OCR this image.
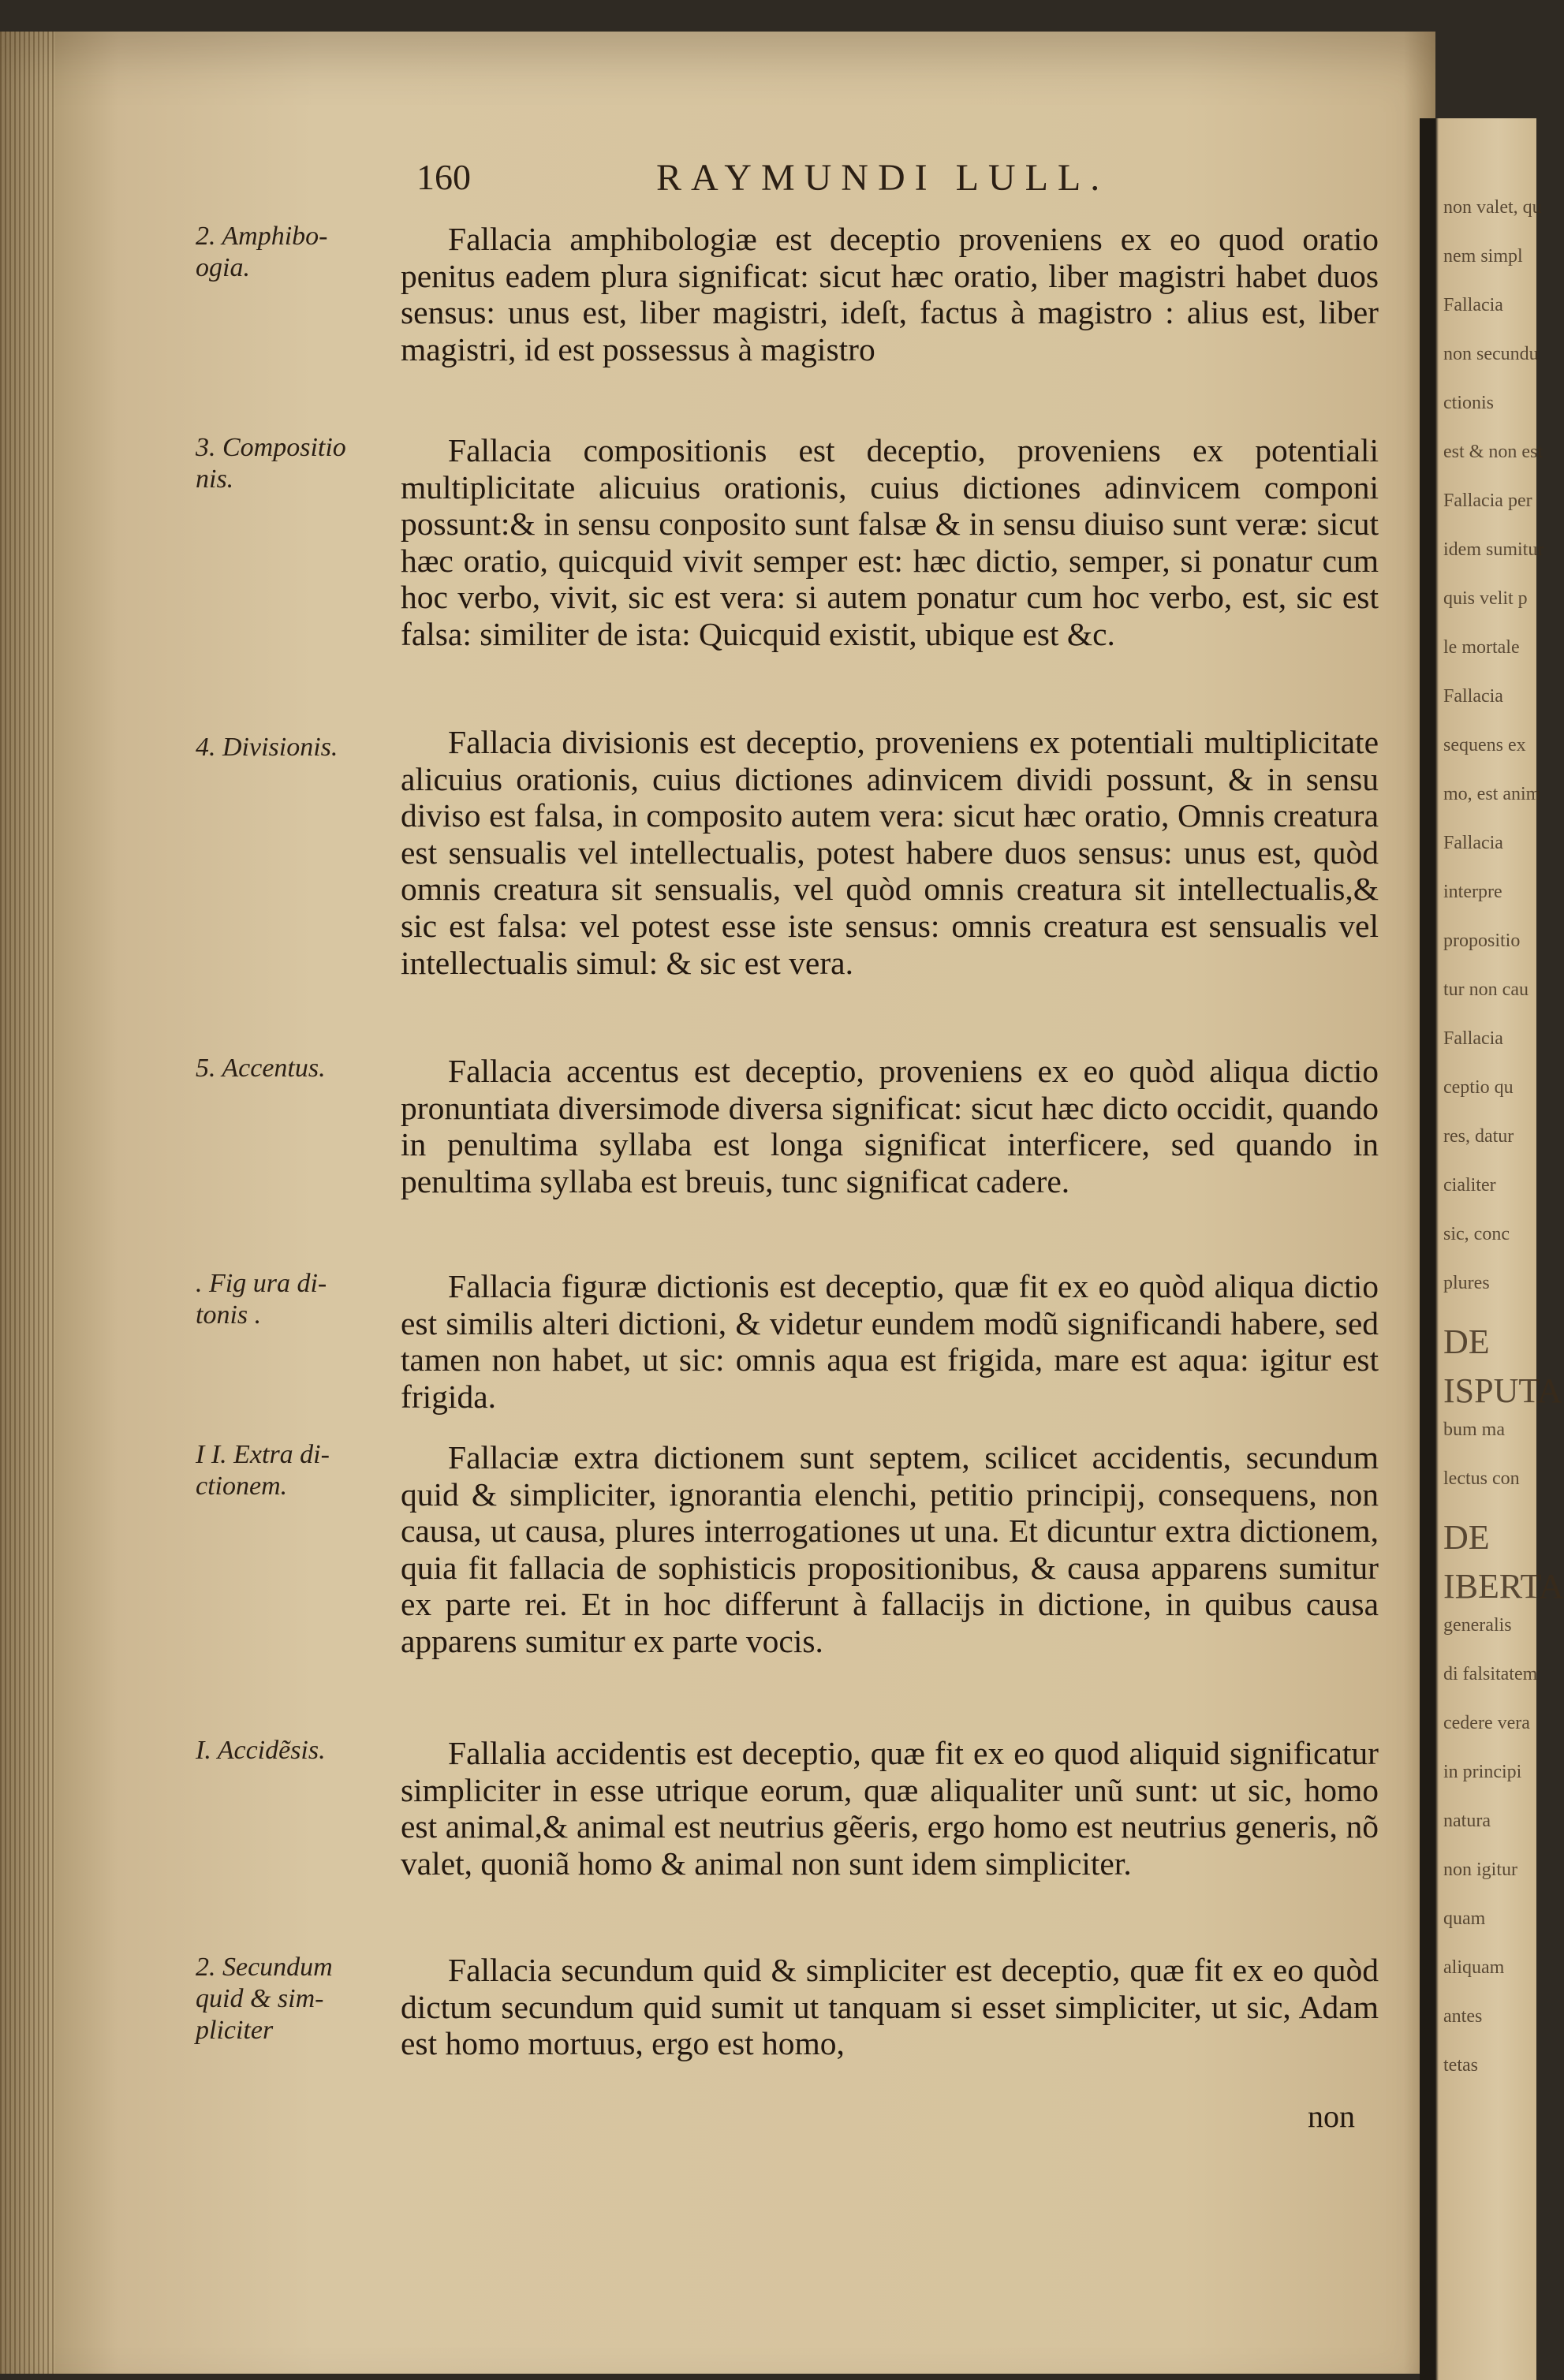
non valet, qu
nem simpl
Fallacia
non secundu
ctionis
est & non est
Fallacia per
idem sumitur
quis velit p
le mortale
Fallacia
sequens ex
mo, est anim
Fallacia
interpre
propositio
tur non cau
Fallacia
ceptio qu
res, datur
cialiter
sic, conc
plures
DE
ISPUTA
bum ma
lectus con
DE
IBERTA
generalis
di falsitatem
cedere vera
in principi
natura
non igitur
quam
aliquam
antes
tetas
160	RAYMUNDI LULL.
2. Amphibo-
ogia.
Fallacia amphibologiæ est deceptio proveniens ex eo quod oratio penitus eadem plura significat: sicut hæc oratio, liber magistri habet duos sensus: unus est, liber magistri, ideſt, factus à magistro : alius est, liber magistri, id est possessus à magistro
3. Compositio
nis.
Fallacia compositionis est deceptio, proveniens ex potentiali multiplicitate alicuius orationis, cuius dictiones adinvicem componi possunt:& in sensu conposito sunt falsæ & in sensu diuiso sunt veræ: sicut hæc oratio, quicquid vivit semper est: hæc dictio, semper, si ponatur cum hoc verbo, vivit, sic est vera: si autem ponatur cum hoc verbo, est, sic est falsa: similiter de ista: Quicquid existit, ubique est &c.
4. Divisionis.	Fallacia divisionis est deceptio, proveniens ex potentiali multiplicitate alicuius orationis, cuius dictiones adinvicem dividi possunt, & in sensu diviso est falsa, in composito autem vera: sicut hæc oratio, Omnis creatura est sensualis vel intellectualis, potest habere duos sensus: unus est, quòd omnis creatura sit sensualis, vel quòd omnis creatura sit intellectualis,& sic est falsa: vel potest esse iste sensus: omnis creatura est sensualis vel intellectualis simul: & sic est vera.
5. Accentus.	Fallacia accentus est deceptio, proveniens ex eo quòd aliqua dictio pronuntiata diversimode diversa significat: sicut hæc dicto occidit, quando in penultima syllaba est longa significat interficere, sed quando in penultima syllaba est breuis, tunc significat cadere.
. Fig ura di-
tonis .
Fallacia figuræ dictionis est deceptio, quæ fit ex eo quòd aliqua dictio est similis alteri dictioni, & videtur eundem modũ significandi habere, sed tamen non habet, ut sic: omnis aqua est frigida, mare est aqua: igitur est frigida.
I I. Extra di-
ctionem.
Fallaciæ extra dictionem sunt septem, scilicet accidentis, secundum quid & simpliciter, ignorantia elenchi, petitio principij, consequens, non causa, ut causa, plures interrogationes ut una. Et dicuntur extra dictionem, quia fit fallacia de sophisticis propositionibus, & causa apparens sumitur ex parte rei. Et in hoc differunt à fallacijs in dictione, in quibus causa apparens sumitur ex parte vocis.
I. Accidẽsis.	Fallalia accidentis est deceptio, quæ fit ex eo quod aliquid significatur simpliciter in esse utrique eorum, quæ aliqualiter unũ sunt: ut sic, homo est animal,& animal est neutrius gẽeris, ergo homo est neutrius generis, nõ valet, quoniã homo & animal non sunt idem simpliciter.
2. Secundum
quid & sim-
pliciter
Fallacia secundum quid & simpliciter est deceptio, quæ fit ex eo quòd dictum secundum quid sumit ut tanquam si esset simpliciter, ut sic, Adam est homo mortuus, ergo est homo,
non
